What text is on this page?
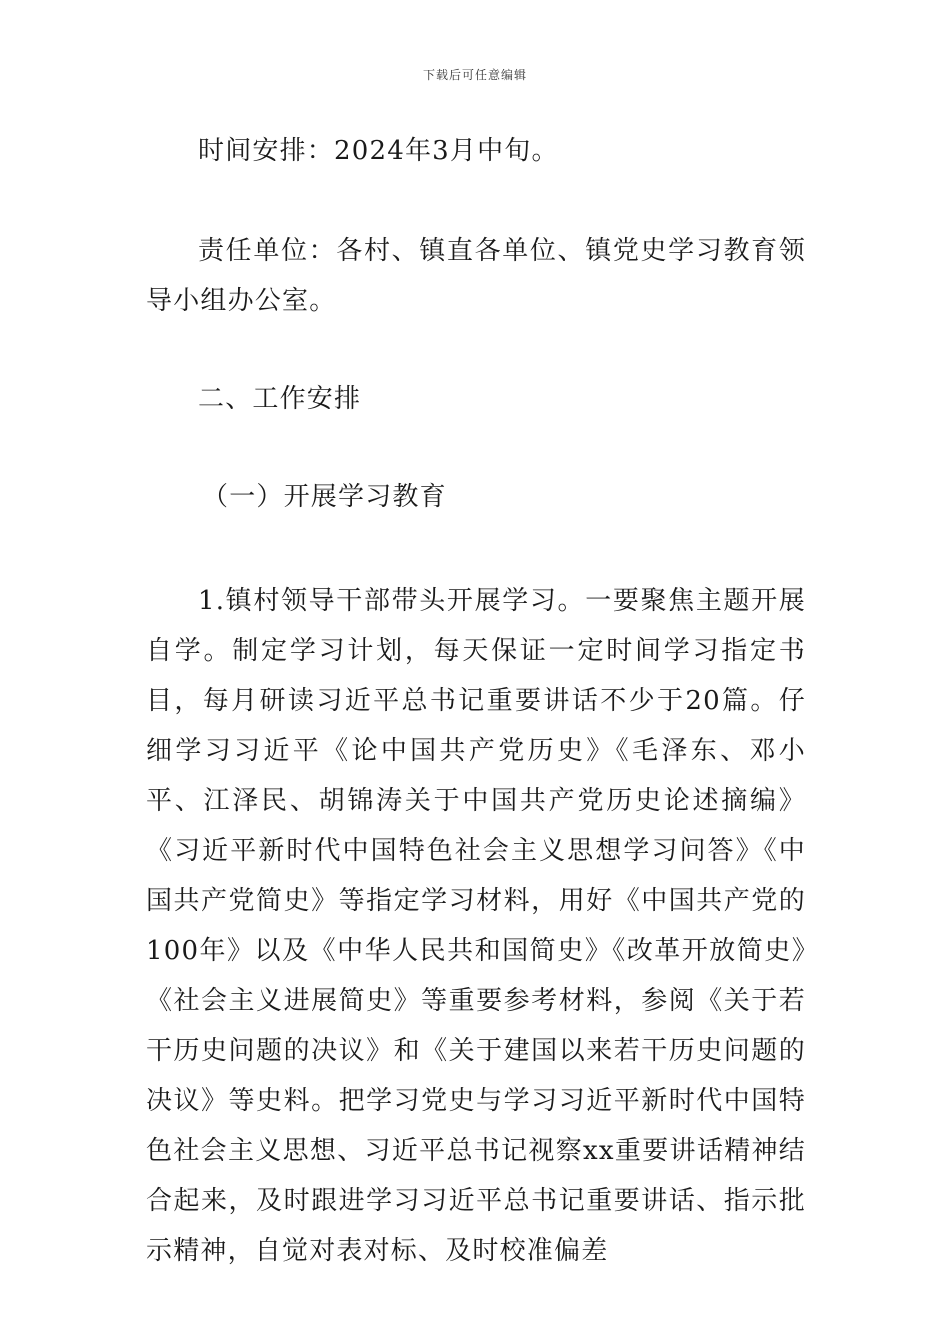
下载后可任意编辑
时间安排：2024年3月中旬。
责任单位：各村、镇直各单位、镇党史学习教育领导小组办公室。
二、工作安排
（一）开展学习教育
1.镇村领导干部带头开展学习。一要聚焦主题开展自学。制定学习计划，每天保证一定时间学习指定书目，每月研读习近平总书记重要讲话不少于20篇。仔细学习习近平《论中国共产党历史》《毛泽东、邓小平、江泽民、胡锦涛关于中国共产党历史论述摘编》《习近平新时代中国特色社会主义思想学习问答》《中国共产党简史》等指定学习材料，用好《中国共产党的100年》以及《中华人民共和国简史》《改革开放简史》《社会主义进展简史》等重要参考材料，参阅《关于若干历史问题的决议》和《关于建国以来若干历史问题的决议》等史料。把学习党史与学习习近平新时代中国特色社会主义思想、习近平总书记视察xx重要讲话精神结合起来，及时跟进学习习近平总书记重要讲话、指示批示精神，自觉对表对标、及时校准偏差
